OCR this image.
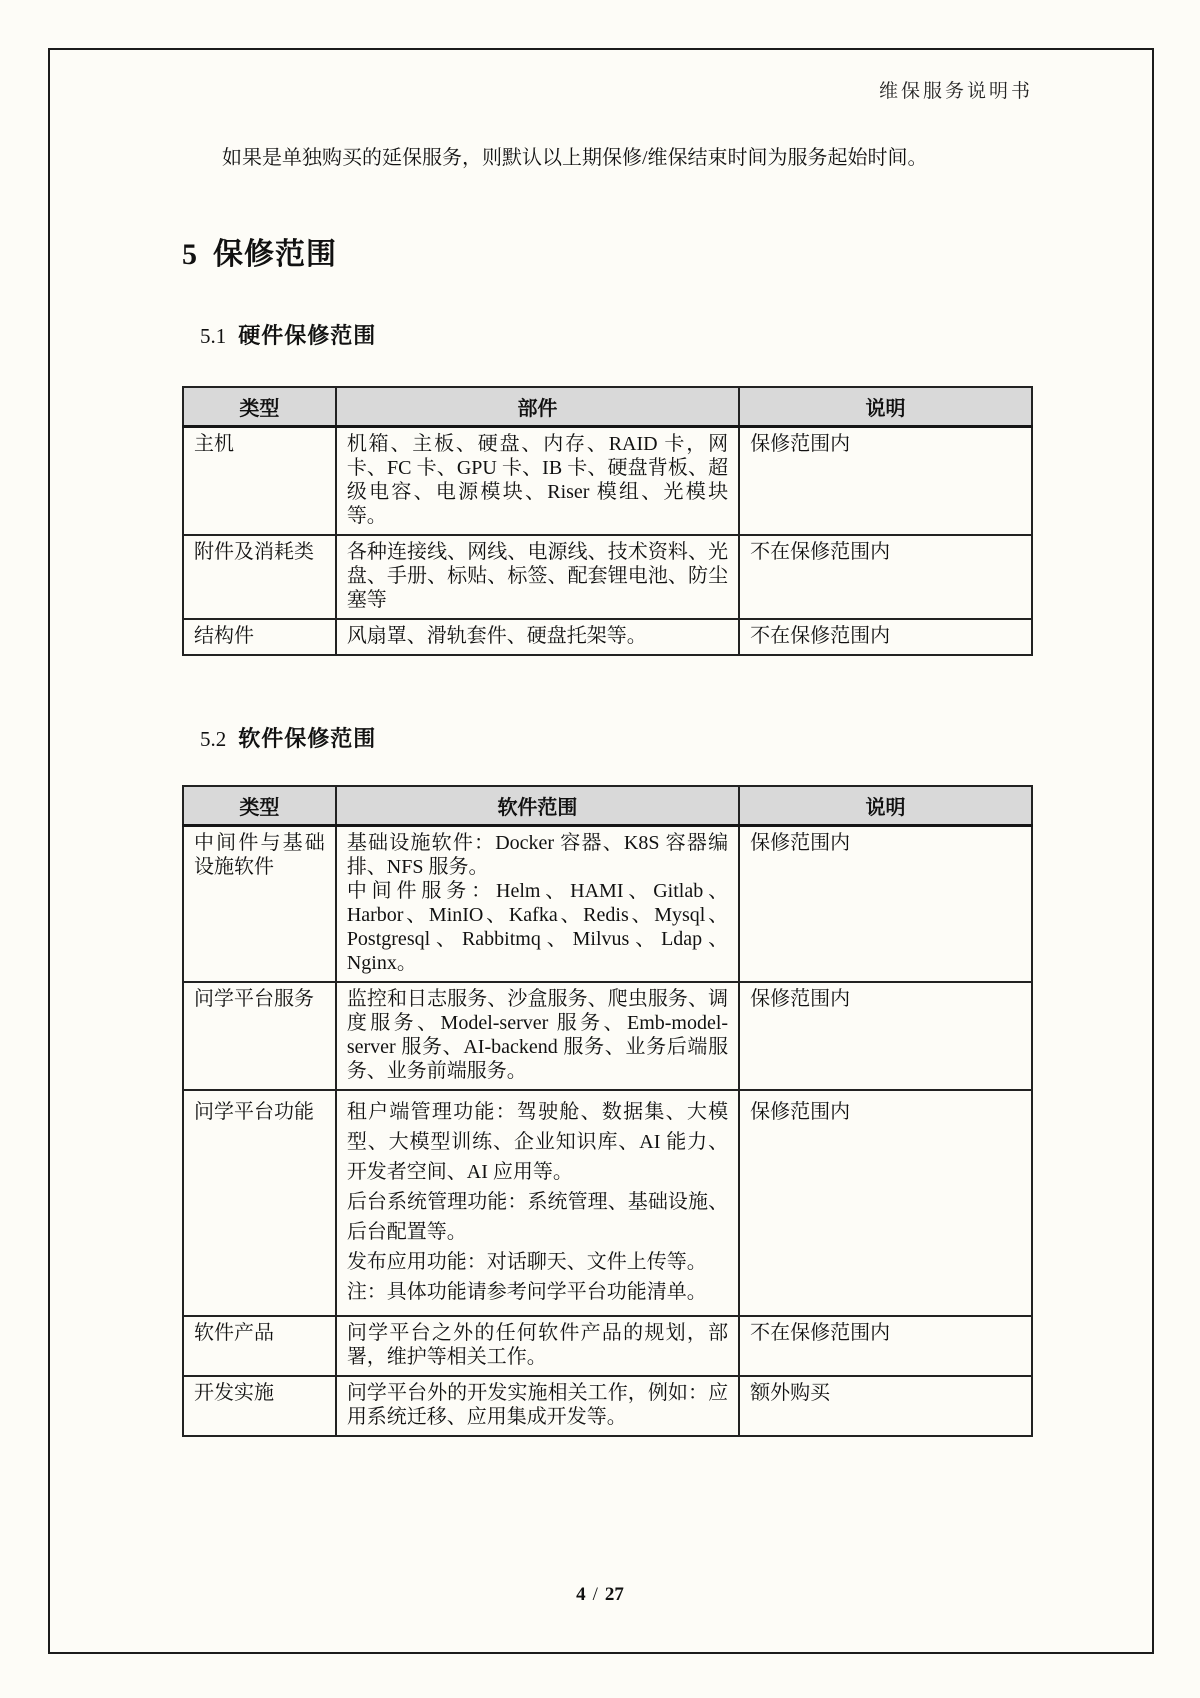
维保服务说明书

如果是单独购买的延保服务，则默认以上期保修/维保结束时间为服务起始时间。

5 保修范围
5.1 硬件保修范围
类型	部件	说明
主机	机箱、主板、硬盘、内存、RAID 卡，网卡、FC 卡、GPU 卡、IB 卡、硬盘背板、超级电容、电源模块、Riser 模组、光模块等。	保修范围内
附件及消耗类	各种连接线、网线、电源线、技术资料、光盘、手册、标贴、标签、配套锂电池、防尘塞等	不在保修范围内
结构件	风扇罩、滑轨套件、硬盘托架等。	不在保修范围内
5.2 软件保修范围
类型	软件范围	说明
中间件与基础设施软件	基础设施软件：Docker 容器、K8S 容器编排、NFS 服务。

中间件服务：Helm、HAMI、Gitlab、Harbor、MinIO、Kafka、Redis、Mysql、Postgresql、Rabbitmq、Milvus、Ldap、Nginx。	保修范围内
问学平台服务	监控和日志服务、沙盒服务、爬虫服务、调度服务、Model-server 服务、Emb-model-server 服务、AI-backend 服务、业务后端服务、业务前端服务。	保修范围内
问学平台功能	租户端管理功能：驾驶舱、数据集、大模型、大模型训练、企业知识库、AI 能力、开发者空间、AI 应用等。

后台系统管理功能：系统管理、基础设施、后台配置等。

发布应用功能：对话聊天、文件上传等。

注：具体功能请参考问学平台功能清单。	保修范围内
软件产品	问学平台之外的任何软件产品的规划，部署，维护等相关工作。	不在保修范围内
开发实施	问学平台外的开发实施相关工作，例如：应用系统迁移、应用集成开发等。	额外购买
4 / 27
